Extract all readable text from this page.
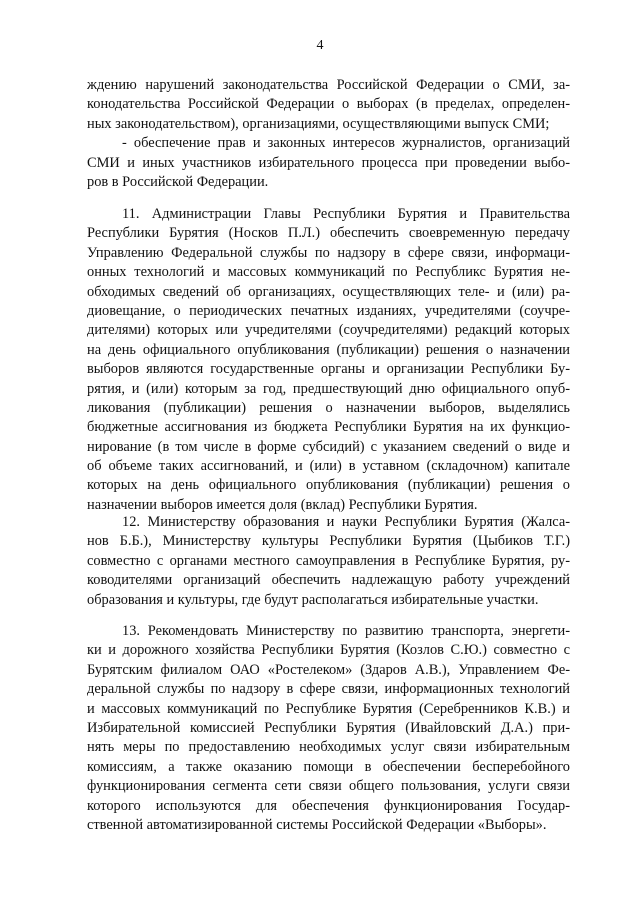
4
ждению нарушений законодательства Российской Федерации о СМИ, за-
конодательства Российской Федерации о выборах (в пределах, определен-
ных законодательством), организациями, осуществляющими выпуск СМИ;
- обеспечение прав и законных интересов журналистов, организаций
СМИ и иных участников избирательного процесса при проведении выбо-
ров в Российской Федерации.
11. Администрации Главы Республики Бурятия и Правительства
Республики Бурятия (Носков П.Л.) обеспечить своевременную передачу
Управлению Федеральной службы по надзору в сфере связи, информаци-
онных технологий и массовых коммуникаций по Республикс Бурятия не-
обходимых сведений об организациях, осуществляющих теле- и (или) ра-
диовещание, о периодических печатных изданиях, учредителями (соучре-
дителями) которых или учредителями (соучредителями) редакций которых
на день официального опубликования (публикации) решения о назначении
выборов являются государственные органы и организации Республики Бу-
рятия, и (или) которым за год, предшествующий дню официального опуб-
ликования (публикации) решения о назначении выборов, выделялись
бюджетные ассигнования из бюджета Республики Бурятия на их функцио-
нирование (в том числе в форме субсидий) с указанием сведений о виде и
об объеме таких ассигнований, и (или) в уставном (складочном) капитале
которых на день официального опубликования (публикации) решения о
назначении выборов имеется доля (вклад) Республики Бурятия.
12. Министерству образования и науки Республики Бурятия (Жалса-
нов Б.Б.), Министерству культуры Республики Бурятия (Цыбиков Т.Г.)
совместно с органами местного самоуправления в Республике Бурятия, ру-
ководителями организаций обеспечить надлежащую работу учреждений
образования и культуры, где будут располагаться избирательные участки.
13. Рекомендовать Министерству по развитию транспорта, энергети-
ки и дорожного хозяйства Республики Бурятия (Козлов С.Ю.) совместно с
Бурятским филиалом ОАО «Ростелеком» (Здаров А.В.), Управлением Фе-
деральной службы по надзору в сфере связи, информационных технологий
и массовых коммуникаций по Республике Бурятия (Серебренников К.В.) и
Избирательной комиссией Республики Бурятия (Ивайловский Д.А.) при-
нять меры по предоставлению необходимых услуг связи избирательным
комиссиям, а также оказанию помощи в обеспечении бесперебойного
функционирования сегмента сети связи общего пользования, услуги связи
которого используются для обеспечения функционирования Государ-
ственной автоматизированной системы Российской Федерации «Выборы».
